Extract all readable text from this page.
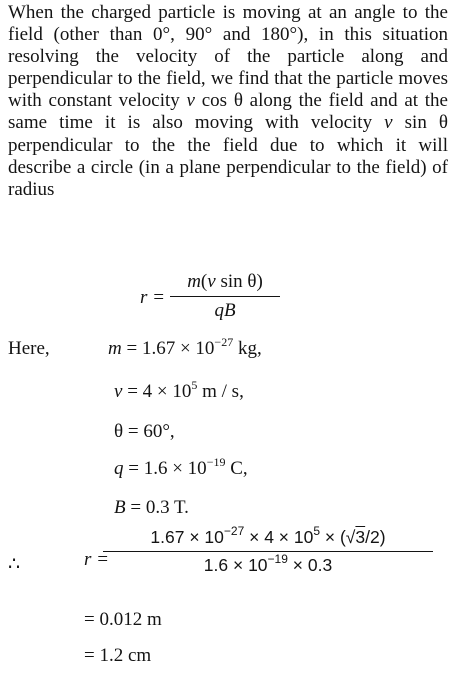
When the charged particle is moving at an angle to the field (other than 0°, 90° and 180°), in this situation resolving the velocity of the particle along and perpendicular to the field, we find that the particle moves with constant velocity v cos θ along the field and at the same time it is also moving with velocity v sin θ perpendicular to the the field due to which it will describe a circle (in a plane perpendicular to the field) of radius

r =
m(v sin θ)
qB
Here,	$m = 1.67 \times 10^{-27}$ kg,
$v = 4 \times 10^5$ m / s,
θ = 60°,
$q = 1.6 \times 10^{-19}$ C,
B = 0.3 T.
∴	r =
$1.67 \times 10^{-27} \times 4 \times 10^5 \times (√3/2)$
$1.6 \times 10^{-19} \times 0.3$
= 0.012 m
= 1.2 cm
